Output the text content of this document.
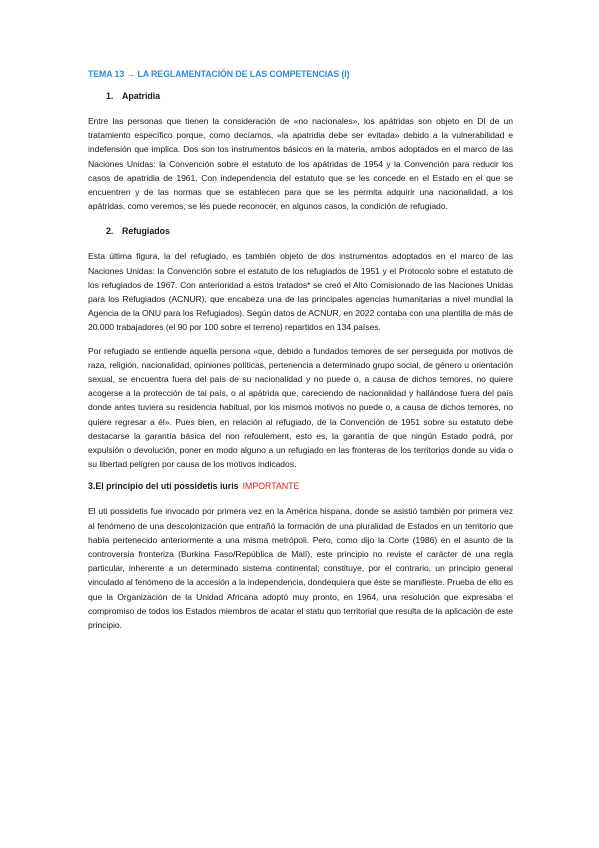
TEMA 13 → LA REGLAMENTACIÓN DE LAS COMPETENCIAS (I)
1. Apatridia

Entre las personas que tienen la consideración de «no nacionales», los apátridas son objeto en DI de un tratamiento específico porque, como decíamos, «la apatridia debe ser evitada» debido a la vulnerabilidad e indefensión que implica. Dos son los instrumentos básicos en la materia, ambos adoptados en el marco de las Naciones Unidas: la Convención sobre el estatuto de los apátridas de 1954 y la Convención para reducir los casos de apatridia de 1961. Con independencia del estatuto que se les concede en el Estado en el que se encuentren y de las normas que se establecen para que se les permita adquirir una nacionalidad, a los apátridas, como veremos, se les puede reconocer, en algunos casos, la condición de refugiado.

2. Refugiados

Esta última figura, la del refugiado, es también objeto de dos instrumentos adoptados en el marco de las Naciones Unidas: la Convención sobre el estatuto de los refugiados de 1951 y el Protocolo sobre el estatuto de los refugiados de 1967. Con anterioridad a estos tratados* se creó el Alto Comisionado de las Naciones Unidas para los Refugiados (ACNUR), que encabeza una de las principales agencias humanitarias a nivel mundial la Agencia de la ONU para los Refugiados). Según datos de ACNUR, en 2022 contaba con una plantilla de más de 20.000 trabajadores (el 90 por 100 sobre el terreno) repartidos en 134 países.

Por refugiado se entiende aquella persona «que, debido a fundados temores de ser perseguida por motivos de raza, religión, nacionalidad, opiniones políticas, pertenencia a determinado grupo social, de género u orientación sexual, se encuentra fuera del país de su nacionalidad y no puede o, a causa de dichos temores, no quiere acogerse a la protección de tal país, o al apátrida que, careciendo de nacionalidad y hallándose fuera del país donde antes tuviera su residencia habitual, por los mismos motivos no puede o, a causa de dichos temores, no quiere regresar a él». Pues bien, en relación al refugiado, de la Convención de 1951 sobre su estatuto debe destacarse la garantía básica del non refoulement, esto es, la garantía de que ningún Estado podrá, por expulsión o devolución, poner en modo alguno a un refugiado en las fronteras de los territorios donde su vida o su libertad peligren por causa de los motivos indicados.

3.El principio del uti possidetis iuris IMPORTANTE

El uti possidetis fue invocado por primera vez en la América hispana, donde se asistió también por primera vez al fenómeno de una descolonización que entrañó la formación de una pluralidad de Estados en un territorio que había pertenecido anteriormente a una misma metrópoli. Pero, como dijo la Corte (1986) en el asunto de la controversia fronteriza (Burkina Faso/República de Malí), este principio no reviste el carácter de una regla particular, inherente a un determinado sistema continental; constituye, por el contrario, un principio general vinculado al fenómeno de la accesión a la independencia, dondequiera que éste se manifieste. Prueba de ello es que la Organización de la Unidad Africana adoptó muy pronto, en 1964, una resolución que expresaba el compromiso de todos los Estados miembros de acatar el statu quo territorial que resulta de la aplicación de este principio.
